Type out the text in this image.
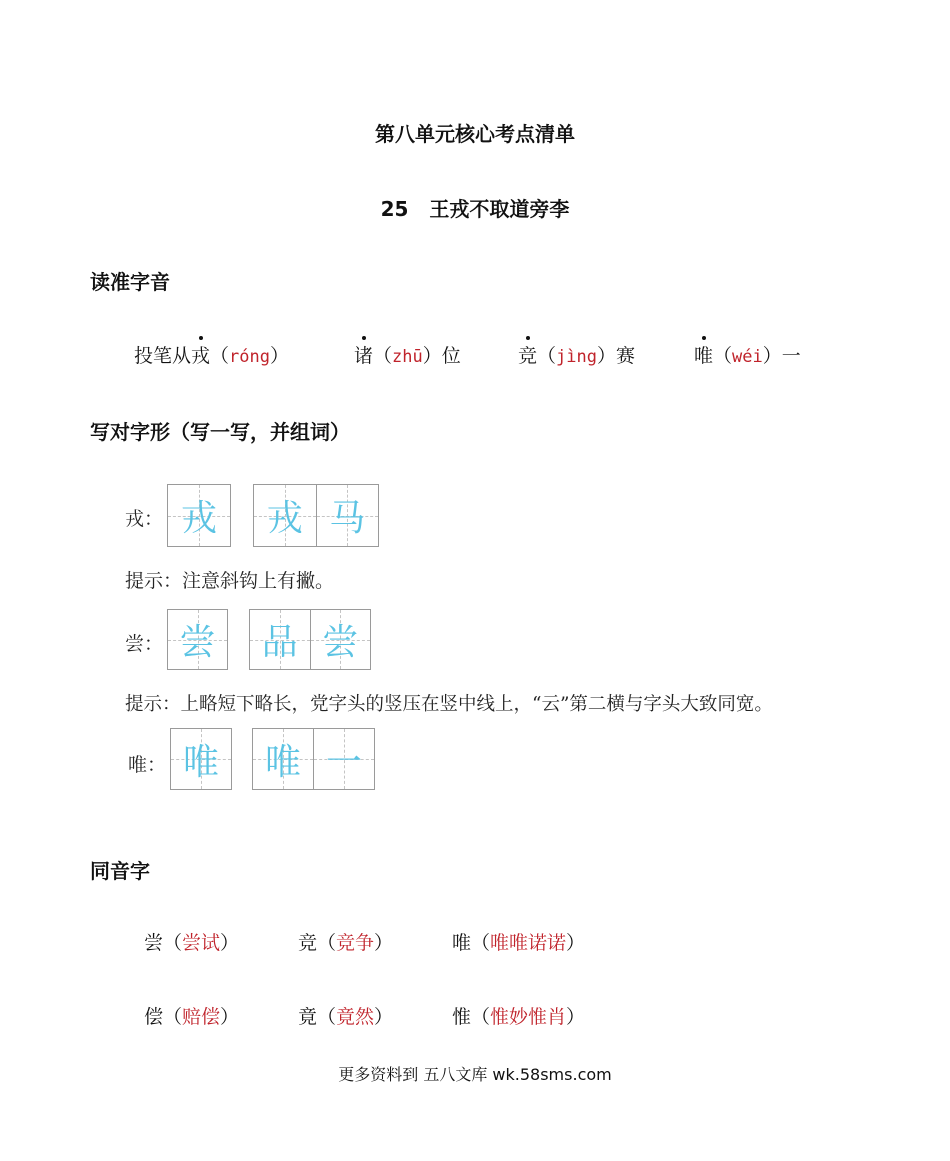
第八单元核心考点清单
25 王戎不取道旁李
读准字音
投笔从戎（róng）	诸（zhū）位	竞（jìng）赛	唯（wéi）一
写对字形（写一写，并组词）
戎： 戎 戎 马
提示：注意斜钩上有撇。
尝： 尝 品 尝
提示：上略短下略长，党字头的竖压在竖中线上，“云”第二横与字头大致同宽。
唯： 唯 唯 一
同音字
尝（尝试）	竞（竞争）	唯（唯唯诺诺）
偿（赔偿）	竟（竟然）	惟（惟妙惟肖）
更多资料到 五八文库 wk.58sms.com
